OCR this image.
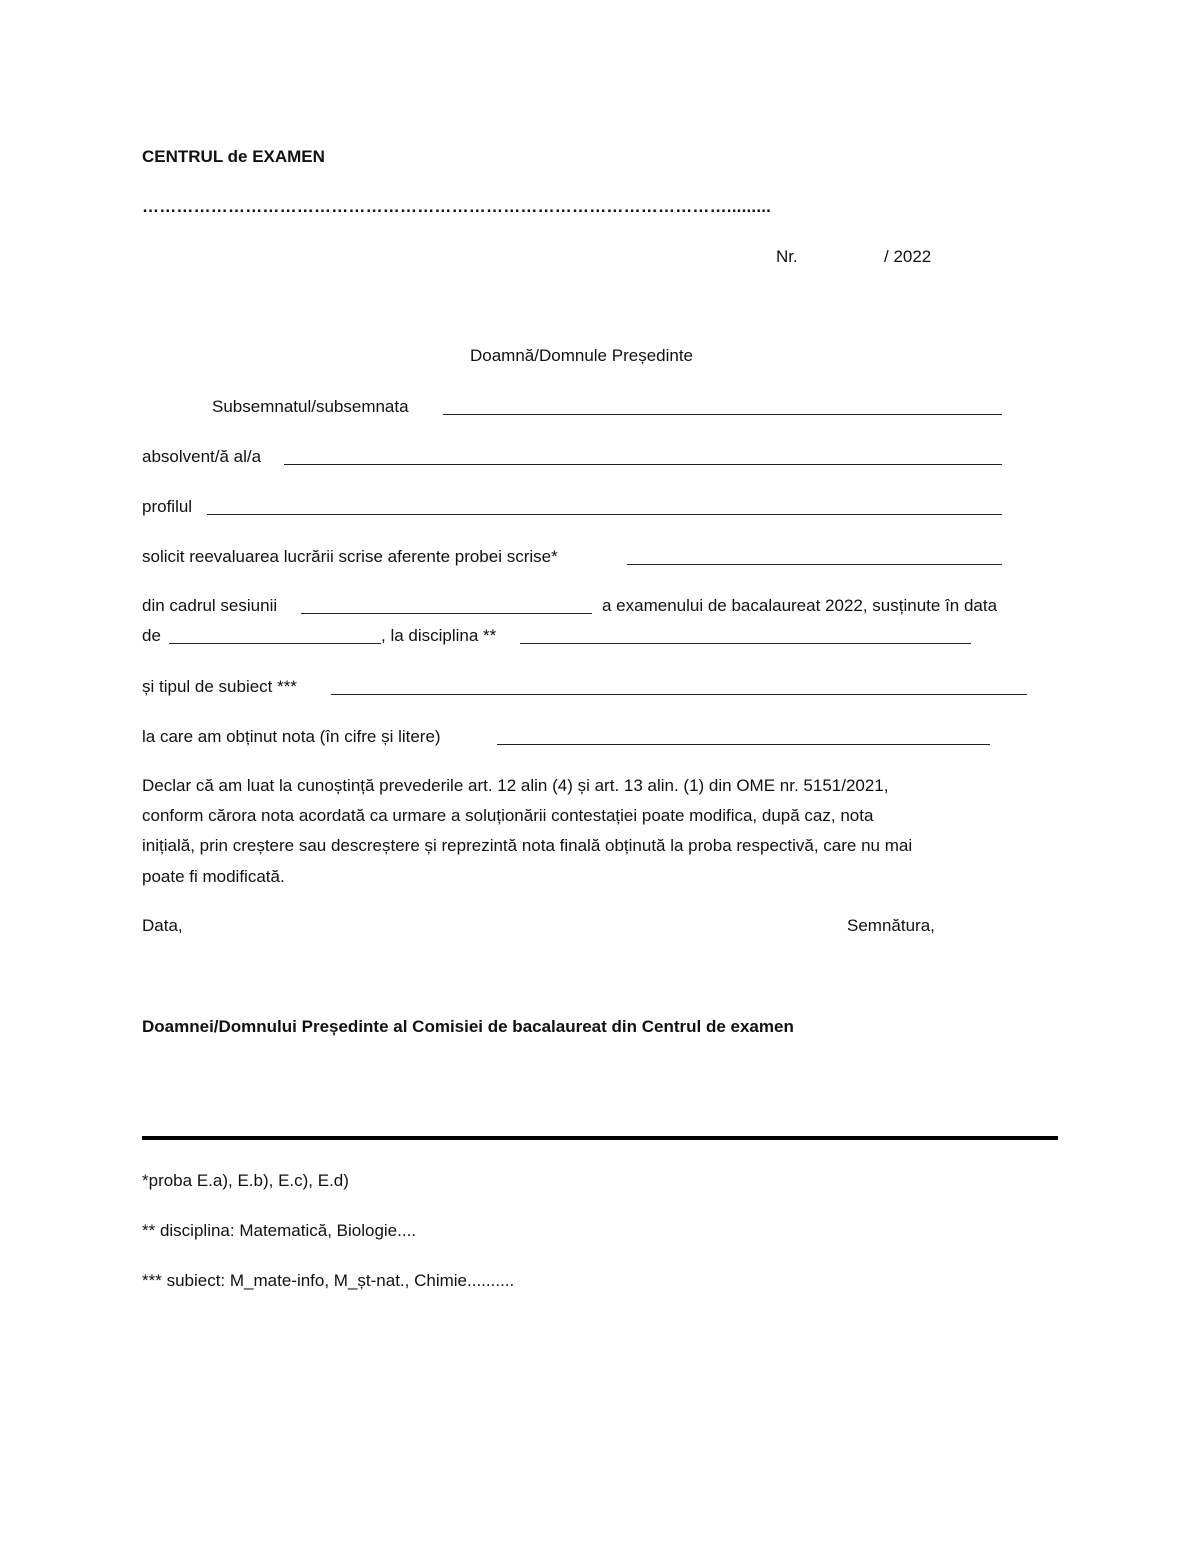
CENTRUL de EXAMEN
………………………………………………………………………………………….........
Nr.	/ 2022
Doamnă/Domnule Președinte
Subsemnatul/subsemnata
absolvent/ă al/a
profilul
solicit reevaluarea lucrării scrise aferente probei scrise*
din cadrul sesiunii	a examenului de bacalaureat 2022, susținute în data
de	, la disciplina **
și tipul de subiect ***
la care am obținut nota (în cifre și litere)
Declar că am luat la cunoștință prevederile art. 12 alin (4) și art. 13 alin. (1) din OME nr. 5151/2021,
conform cărora nota acordată ca urmare a soluționării contestației poate modifica, după caz, nota
inițială, prin creștere sau descreștere și reprezintă nota finală obținută la proba respectivă, care nu mai
poate fi modificată.
Data,	Semnătura,
Doamnei/Domnului Președinte al Comisiei de bacalaureat din Centrul de examen
*proba E.a), E.b), E.c), E.d)
** disciplina: Matematică, Biologie....
*** subiect: M_mate-info, M_șt-nat., Chimie..........
